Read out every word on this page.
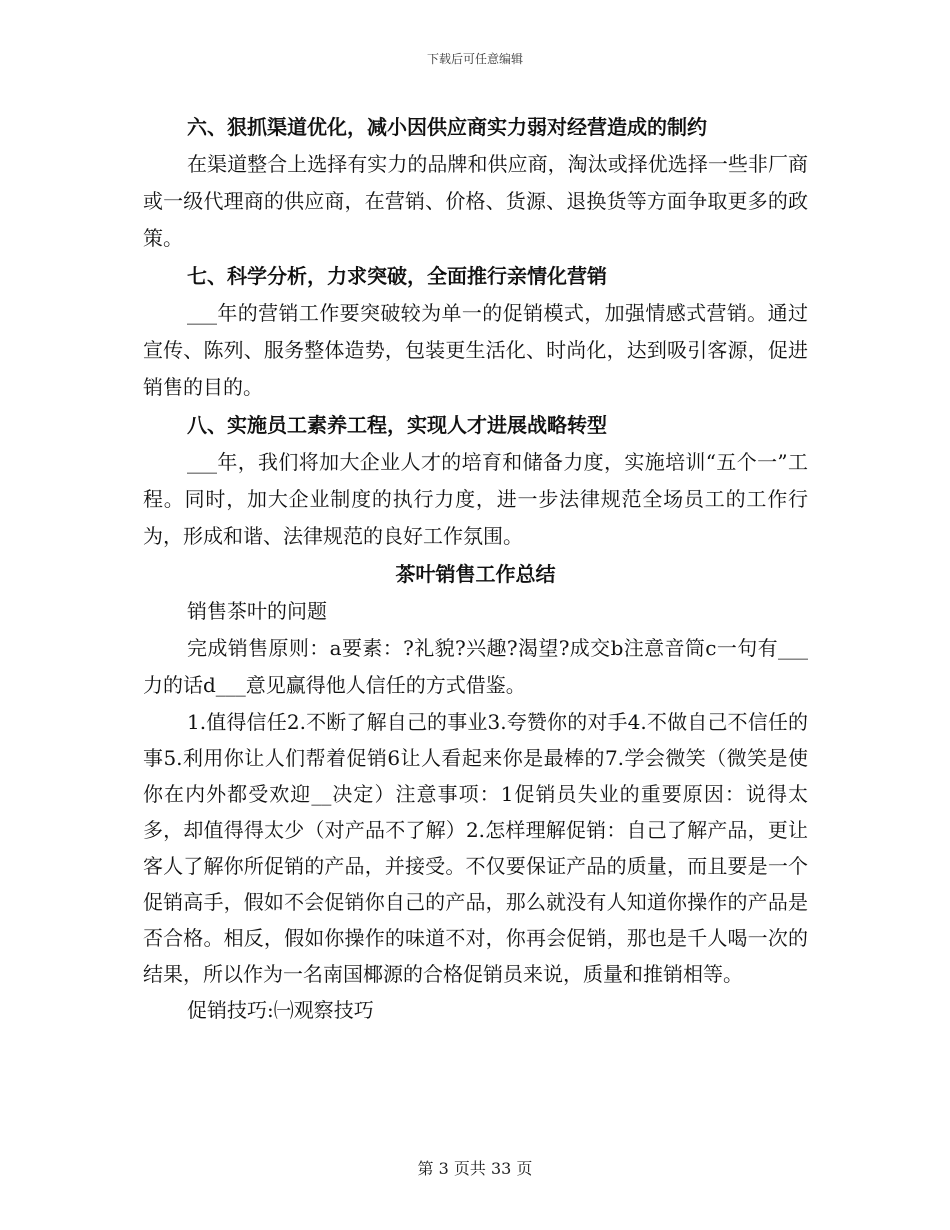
下载后可任意编辑

六、狠抓渠道优化，减小因供应商实力弱对经营造成的制约

在渠道整合上选择有实力的品牌和供应商，淘汰或择优选择一些非厂商或一级代理商的供应商，在营销、价格、货源、退换货等方面争取更多的政策。

七、科学分析，力求突破，全面推行亲情化营销

___年的营销工作要突破较为单一的促销模式，加强情感式营销。通过宣传、陈列、服务整体造势，包装更生活化、时尚化，达到吸引客源，促进销售的目的。

八、实施员工素养工程，实现人才进展战略转型

___年，我们将加大企业人才的培育和储备力度，实施培训“五个一”工程。同时，加大企业制度的执行力度，进一步法律规范全场员工的工作行为，形成和谐、法律规范的良好工作氛围。

茶叶销售工作总结

销售茶叶的问题

完成销售原则：a要素：?礼貌?兴趣?渴望?成交b注意音筒c一句有___力的话d___意见赢得他人信任的方式借鉴。

1.值得信任2.不断了解自己的事业3.夸赞你的对手4.不做自己不信任的事5.利用你让人们帮着促销6让人看起来你是最棒的7.学会微笑（微笑是使你在内外都受欢迎__决定）注意事项：1促销员失业的重要原因：说得太多，却值得得太少（对产品不了解）2.怎样理解促销：自己了解产品，更让客人了解你所促销的产品，并接受。不仅要保证产品的质量，而且要是一个促销高手，假如不会促销你自己的产品，那么就没有人知道你操作的产品是否合格。相反，假如你操作的味道不对，你再会促销，那也是千人喝一次的结果，所以作为一名南国椰源的合格促销员来说，质量和推销相等。

促销技巧:㈠观察技巧

第 3 页共 33 页
